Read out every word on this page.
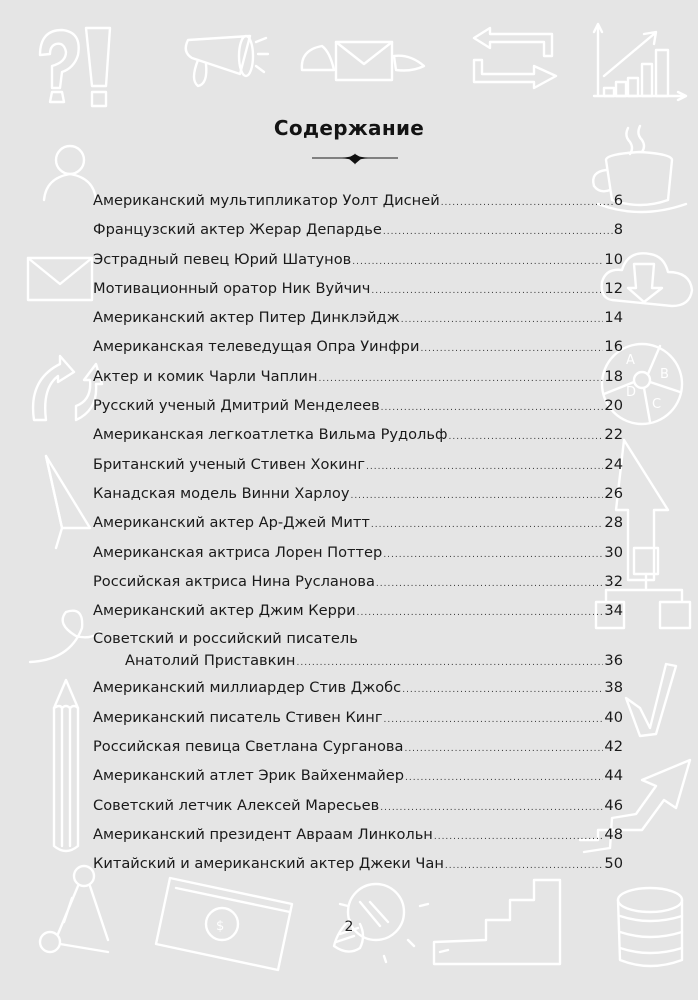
A
B
C
D
$
Содержание
Американский мультипликатор Уолт Дисней .....	6
Французский актер Жерар Депардье .....	8
Эстрадный певец Юрий Шатунов .....	10
Мотивационный оратор Ник Вуйчич .....	12
Американский актер Питер Динклэйдж .....	14
Американская телеведущая Опра Уинфри .....	16
Актер и комик Чарли Чаплин .....	18
Русский ученый Дмитрий Менделеев .....	20
Американская легкоатлетка Вильма Рудольф .....	22
Британский ученый Стивен Хокинг .....	24
Канадская модель Винни Харлоу .....	26
Американский актер Ар-Джей Митт .....	28
Американская актриса Лорен Поттер .....	30
Российская актриса Нина Русланова .....	32
Американский актер Джим Керри .....	34
Советский и российский писатель
Анатолий Приставкин .....	36
Американский миллиардер Стив Джобс .....	38
Американский писатель Стивен Кинг .....	40
Российская певица Светлана Сурганова .....	42
Американский атлет Эрик Вайхенмайер .....	44
Советский летчик Алексей Маресьев .....	46
Американский президент Авраам Линкольн .....	48
Китайский и американский актер Джеки Чан .....	50
2
